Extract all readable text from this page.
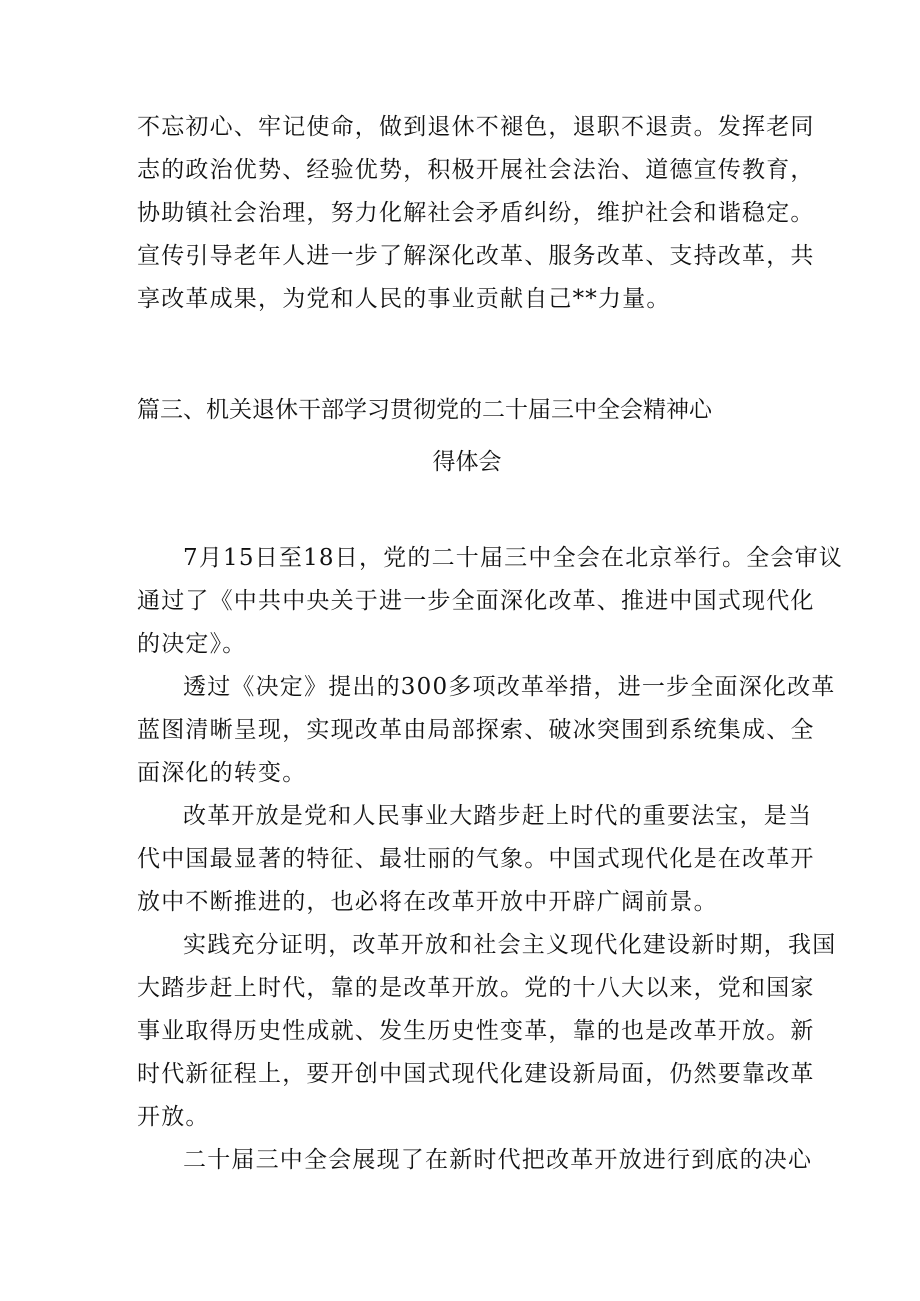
不忘初心、牢记使命，做到退休不褪色，退职不退责。发挥老同
志的政治优势、经验优势，积极开展社会法治、道德宣传教育，
协助镇社会治理，努力化解社会矛盾纠纷，维护社会和谐稳定。
宣传引导老年人进一步了解深化改革、服务改革、支持改革，共
享改革成果，为党和人民的事业贡献自己**力量。
篇三、机关退休干部学习贯彻党的二十届三中全会精神心
得体会
7月15日至18日，党的二十届三中全会在北京举行。全会审议
通过了《中共中央关于进一步全面深化改革、推进中国式现代化
的决定》。
透过《决定》提出的300多项改革举措，进一步全面深化改革
蓝图清晰呈现，实现改革由局部探索、破冰突围到系统集成、全
面深化的转变。
改革开放是党和人民事业大踏步赶上时代的重要法宝，是当
代中国最显著的特征、最壮丽的气象。中国式现代化是在改革开
放中不断推进的，也必将在改革开放中开辟广阔前景。
实践充分证明，改革开放和社会主义现代化建设新时期，我国
大踏步赶上时代，靠的是改革开放。党的十八大以来，党和国家
事业取得历史性成就、发生历史性变革，靠的也是改革开放。新
时代新征程上，要开创中国式现代化建设新局面，仍然要靠改革
开放。
二十届三中全会展现了在新时代把改革开放进行到底的决心
